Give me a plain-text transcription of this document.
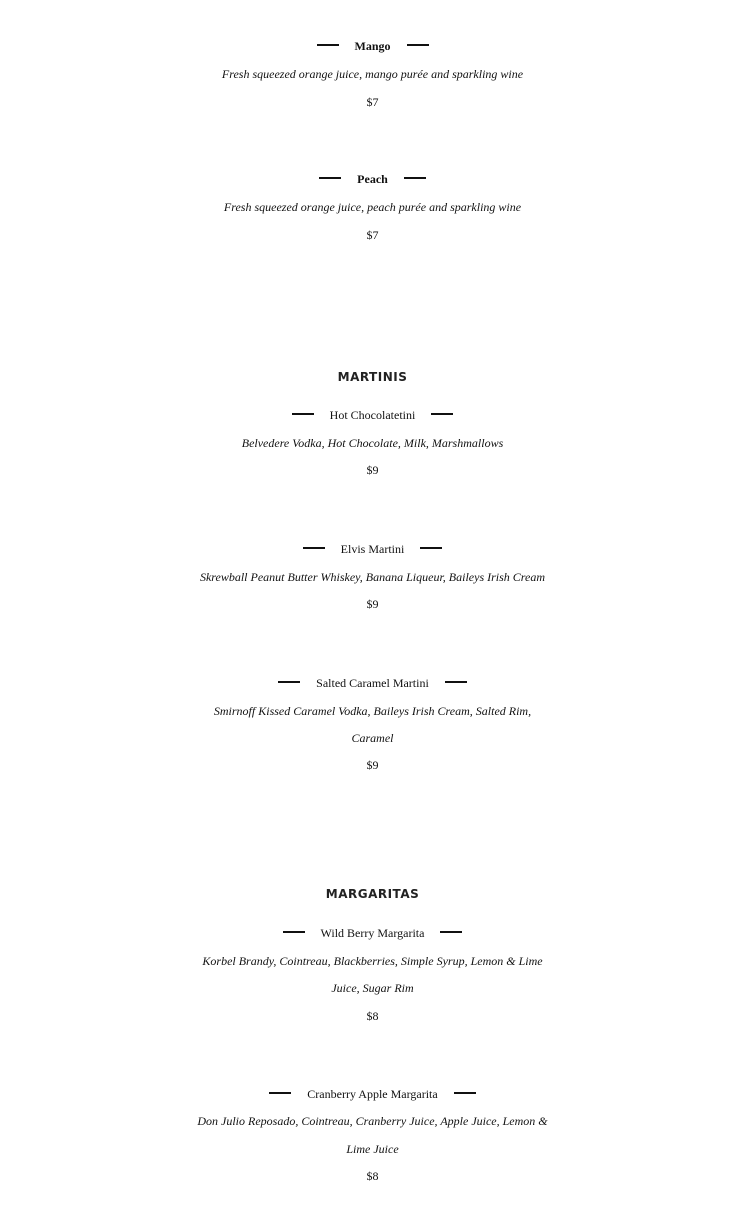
Mango
Fresh squeezed orange juice, mango purée and sparkling wine
$7
Peach
Fresh squeezed orange juice, peach purée and sparkling wine
$7
MARTINIS
Hot Chocolatetini
Belvedere Vodka, Hot Chocolate, Milk, Marshmallows
$9
Elvis Martini
Skrewball Peanut Butter Whiskey, Banana Liqueur, Baileys Irish Cream
$9
Salted Caramel Martini
Smirnoff Kissed Caramel Vodka, Baileys Irish Cream, Salted Rim,
Caramel
$9
MARGARITAS
Wild Berry Margarita
Korbel Brandy, Cointreau, Blackberries, Simple Syrup, Lemon & Lime
Juice, Sugar Rim
$8
Cranberry Apple Margarita
Don Julio Reposado, Cointreau, Cranberry Juice, Apple Juice, Lemon &
Lime Juice
$8
